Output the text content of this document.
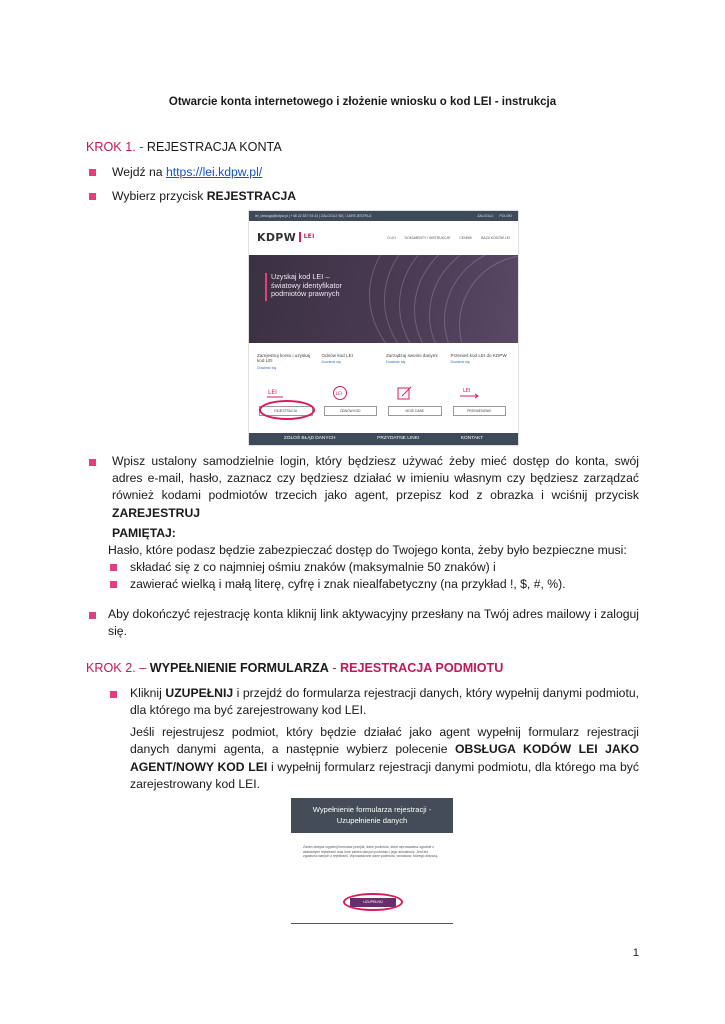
Otwarcie konta internetowego i złożenie wniosku o kod LEI - instrukcja
KROK 1. - REJESTRACJA KONTA
Wejdź na https://lei.kdpw.pl/
Wybierz przycisk REJESTRACJA
lei_obsluga@kdpw.pl | +48 22 537 93 43 | ZALOGUJ SIĘ / ZAREJESTRUJ	ZALOGUJ POLSKI
KDPW $^{LEI}$	O LEI	DOKUMENTY I INSTRUKCJE	CENNIK	BAZA KODÓW LEI
Uzyskaj kod LEI – światowy identyfikator podmiotów prawnych
Zarejestruj konto i uzyskaj kod LEI
Dowiedz się
LEI
REJESTRACJA
Odnów kod LEI
Dowiedz się
LEI
ODNÓW KOD
Zarządzaj swoimi danymi
Dowiedz się
MOJE DANE
Przenieś kod LEI do KDPW
Dowiedz się
LEI
PRZENIESIENIE
ZGŁOŚ BŁĄD DANYCH	PRZYDATNE LINKI	KONTAKT
Wpisz ustalony samodzielnie login, który będziesz używać żeby mieć dostęp do konta, swój adres e-mail, hasło, zaznacz czy będziesz działać w imieniu własnym czy będziesz zarządzać również kodami podmiotów trzecich jako agent, przepisz kod z obrazka i wciśnij przycisk ZAREJESTRUJ
PAMIĘTAJ:
Hasło, które podasz będzie zabezpieczać dostęp do Twojego konta, żeby było bezpieczne musi:
składać się z co najmniej ośmiu znaków (maksymalnie 50 znaków) i
zawierać wielką i małą literę, cyfrę i znak niealfabetyczny (na przykład !, $, #, %).
Aby dokończyć rejestrację konta kliknij link aktywacyjny przesłany na Twój adres mailowy i zaloguj się.
KROK 2. – WYPEŁNIENIE FORMULARZA - REJESTRACJA PODMIOTU
Kliknij UZUPEŁNIJ i przejdź do formularza rejestracji danych, który wypełnij danymi podmiotu, dla którego ma być zarejestrowany kod LEI.
Jeśli rejestrujesz podmiot, który będzie działać jako agent wypełnij formularz rejestracji danych danymi agenta, a następnie wybierz polecenie OBSŁUGA KODÓW LEI JAKO AGENT/NOWY KOD LEI i wypełnij formularz rejestracji danymi podmiotu, dla którego ma być zarejestrowany kod LEI.
Wypełnienie formularza rejestracji -
Uzupełnienie danych
Zanim złożysz wypełnij formularz przejdź, dane podmiotu, które wprowadzisz zgodnie z właściwymi rejestrami oraz inne zakres danych podmiotu i jego aktualność. Jest też zgodność danych z rejestrami. Wprowadzone dane podmiotu, wniosków, którego dotyczą.
UZUPEŁNIJ
1
